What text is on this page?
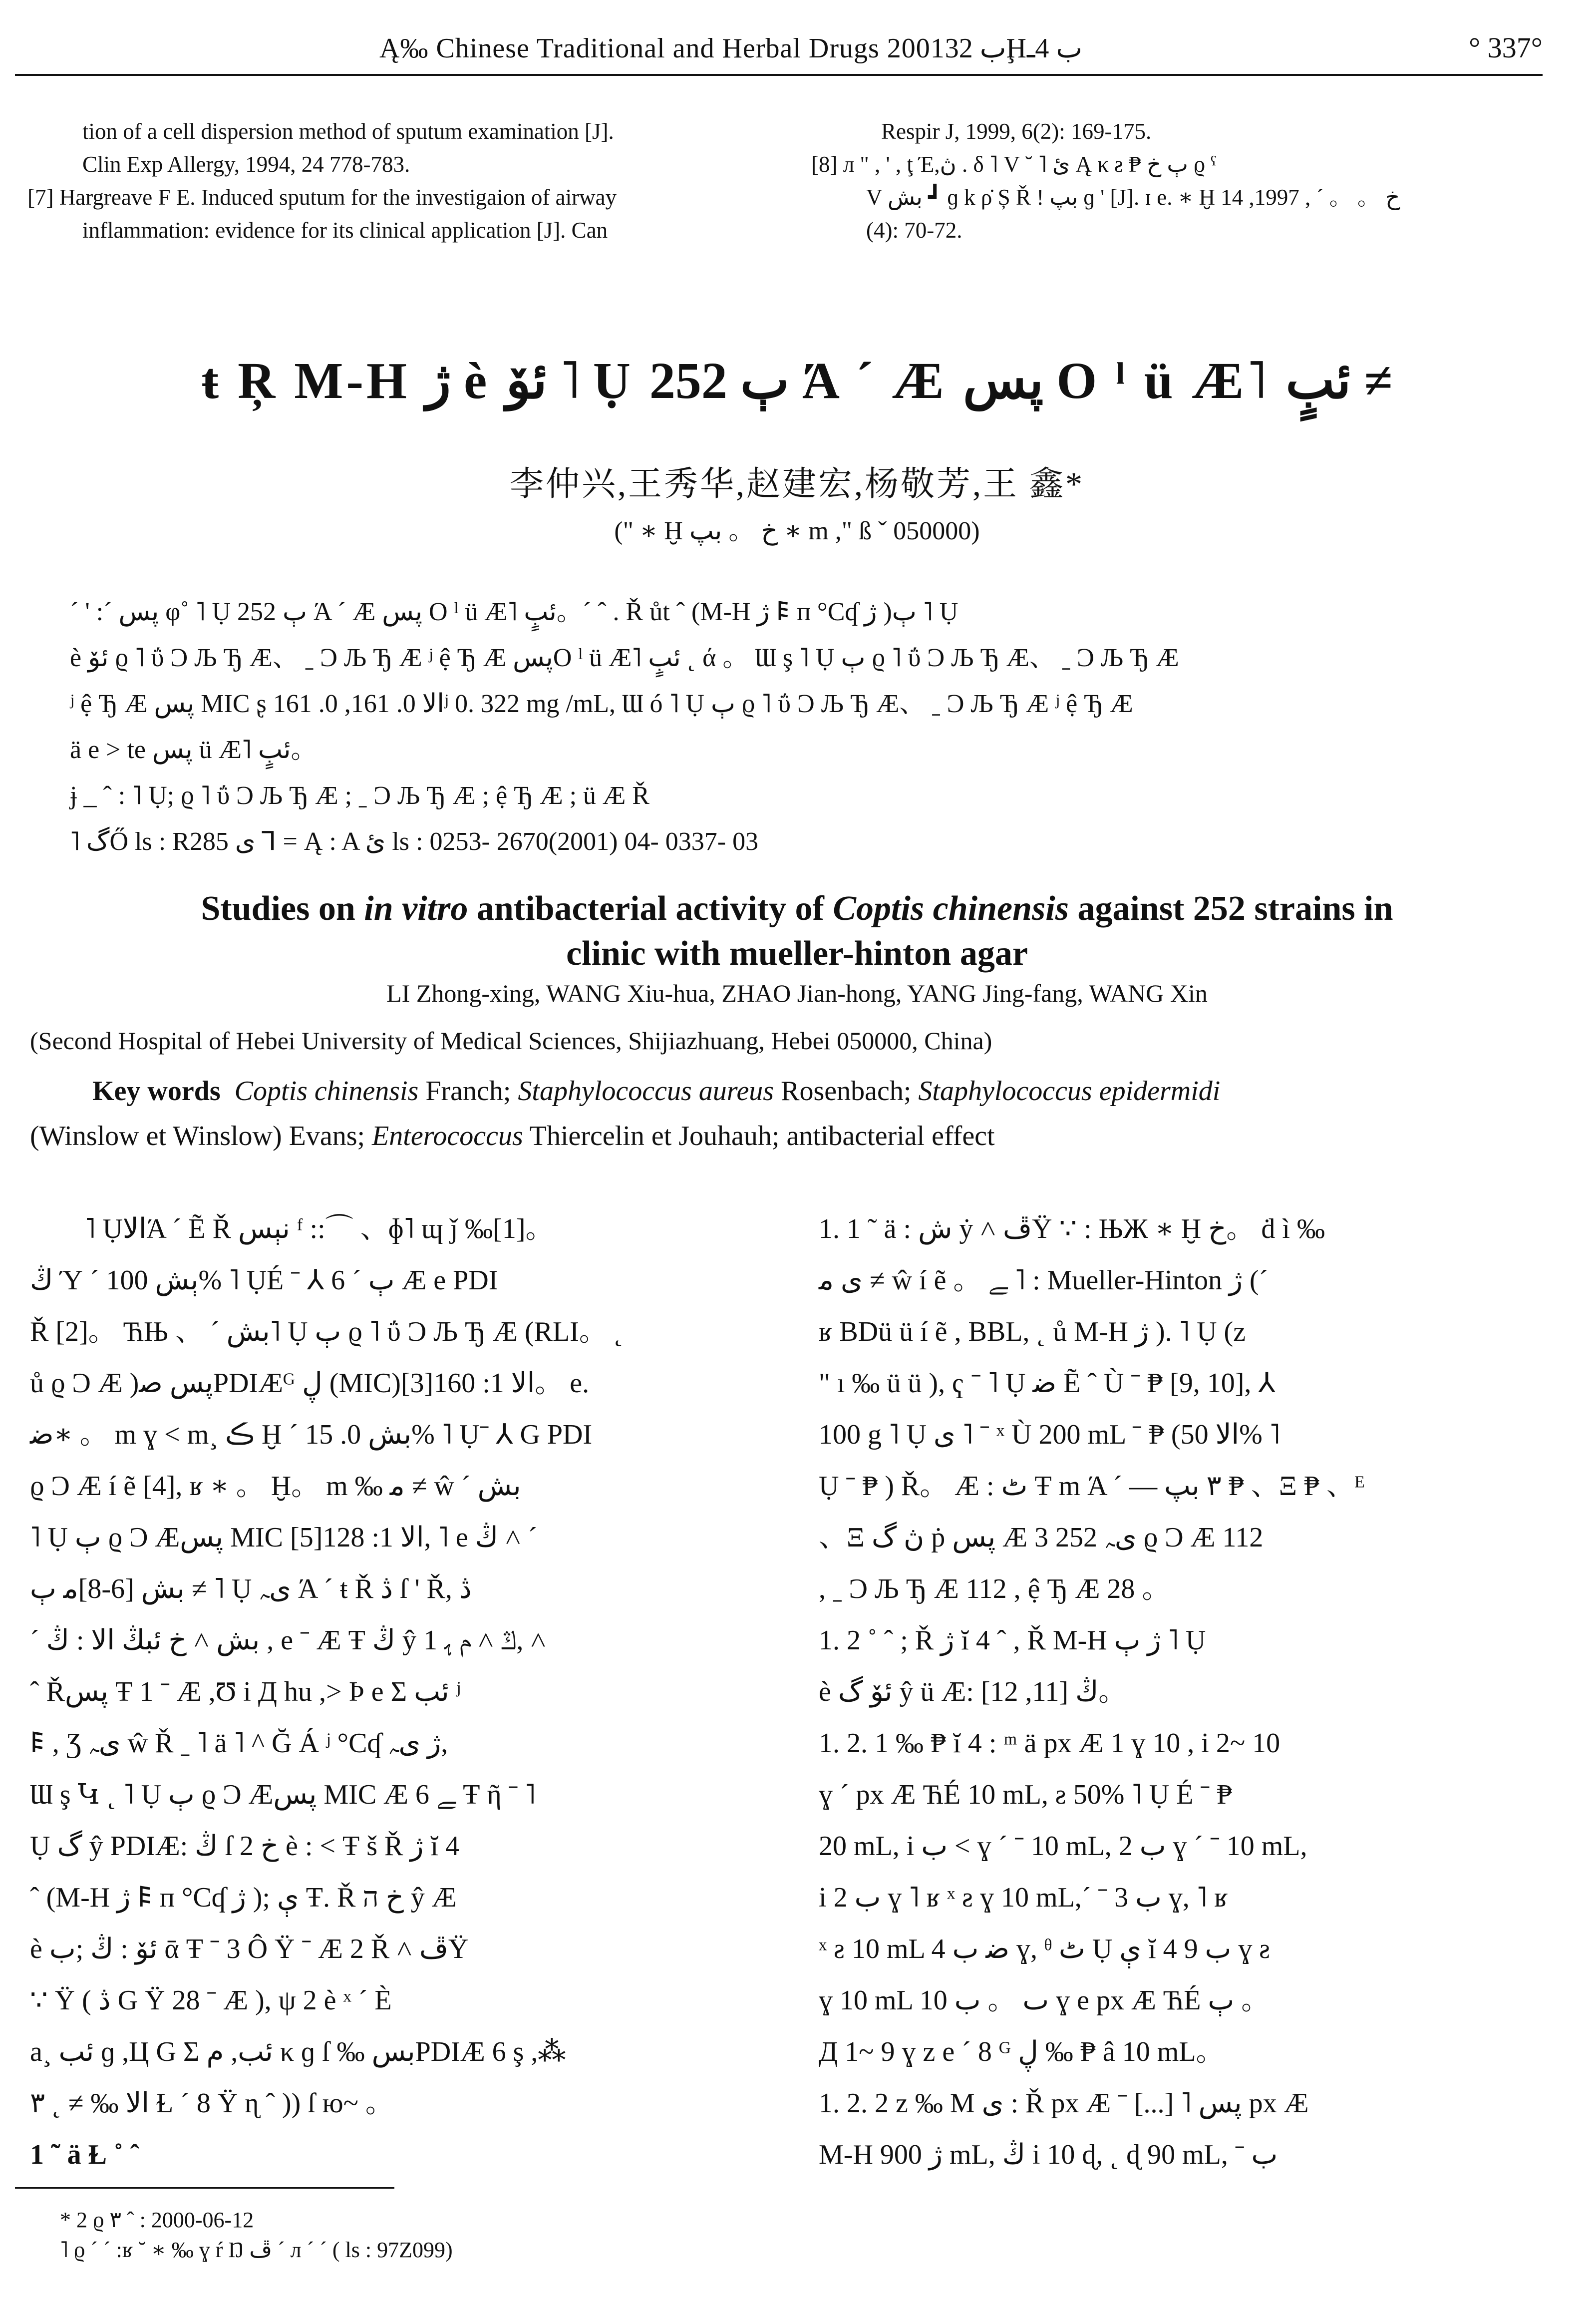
Ą‰ Chinese Traditional and Herbal Drugs 2001ب 32Ḩب 4ـ	° 337°
tion of a cell dispersion method of sputum examination [J].
Clin Exp Allergy, 1994, 24 778-783.
[7] Hargreave F E. Induced sputum for the investigaion of airway
inflammation: evidence for its clinical application [J]. Can
Respir J, 1999, 6(2): 169-175.
[8] л " , ' , ţ Έ,ڽ . δ ˥ V ˘ ˥ ئ Ą κ ƨ ₱ ٻ خ ϱ ˁ
V بش ┛ ɡ k ρ̇ Ș Ř ! بپ ɡ ' [J]. ɪ e. ∗ Ḫ خ 。 。 ˊ , 1997, 14
(4): 70-72.
ŧ Ŗ M-H ژ è ئۆ ˥ Ụ ٻ 252 Ά ˊ Æ پس O ˡ ü Æ˥ ئبٍ ≠
李仲兴,王秀华,赵建宏,杨敬芳,王 鑫*
(" ∗ Ḫ خ 。 بپ ∗ m ," ß ˇ 050000)
ˊ ' :ˊ پس φ˚ ˥ Ụ ٻ 252 Ά ˊ Æ پس O ˡ ü Æ˥ ئبٍ。ˊ ˆ . Ř ůt ˆ (M-H ژ 𐌄 п °Cʠ ژ )ٻ ˥ Ụ
è ئۆ ϱ ˥ ΰ Ͻ Љ Ђ Æ、 ˍ Ͻ Љ Ђ Æ ʲ ệ Ђ Æ پسO ˡ ü Æ˥ ئبٍ ˛ ά 。 Ɯ ş ˥ Ụ ٻ ϱ ˥ ΰ Ͻ Љ Ђ Æ、 ˍ Ͻ Љ Ђ Æ
ʲ ệ Ђ Æ پس MIC ʂ الا 0. 161, 0. 161ʲ 0. 322 mg /mL, Ɯ ó ˥ Ụ ٻ ϱ ˥ ΰ Ͻ Љ Ђ Æ、 ˍ Ͻ Љ Ђ Æ ʲ ệ Ђ Æ
ä e > te پس ü Æ˥ ئبٍ。
ɉ _ ˆ : ˥ Ụ; ϱ ˥ ΰ Ͻ Љ Ђ Æ ; ˍ Ͻ Љ Ђ Æ ; ệ Ђ Æ ; ü Æ Ř
˥ گŐ ls : R285 ی ⅂ = Ą : A ئ ls : 0253- 2670(2001) 04- 0337- 03
Studies on in vitro antibacterial activity of Coptis chinensis against 252 strains in
clinic with mueller-hinton agar
LI Zhong-xing, WANG Xiu-hua, ZHAO Jian-hong, YANG Jing-fang, WANG Xin
(Second Hospital of Hebei University of Medical Sciences, Shijiazhuang, Hebei 050000, China)
Key words Coptis chinensis Franch; Staphylococcus aureus Rosenbach; Staphylococcus epidermidi
(Winslow et Winslow) Evans; Enterococcus Thiercelin et Jouhauh; antibacterial effect
˥ ỤالاΆ ˊ Ẽ Ř نېس ᶠ ::⌒ 、ɸ˥ ɰ ǰ ‰[1]。
ڭ Ύ ˊ ٻش 100% ˥ ỤÉ ˉ ⅄ ٻ ˊ 6 Æ e PDI
Ř [2]。 ЋЊ 、 ˊ بش˥ Ụ ٻ ϱ ˥ ΰ Ͻ Љ Ђ Æ (RLI。 ˛
ů ϱ Ͻ Æ )پس ﺻPDIÆᴳ ڸ (MIC)الا 1: 160[3]。 e.
ﺿ∗ 。 m ɣ ˂ m¸ ڪ Ḫ ˊ بش 0. 15% ˥ Ụˉ ⅄ G PDI
ϱ Ͻ Æ í ẽ [4], ʁ ∗ 。 Ḫ。 m ‰ ﻣ ≠ ŵ ˊ بش
˥ Ụ ٻ ϱ Ͻ Æپس MIC الا 1: 128[5], ˥ e ڭ ˄ ˊ
بش [6-8]ﻣ ٻ ≠ ˥ Ụ یﮧ Ά ˊ ŧ Ř ڎ ſ ' Ř, ڎ
ˊ بش ˄ خ ئبڭ الا : ڭ , e ˉ Æ Ŧ ڭ ŷ 1 ڭ ˄ ﻡ ﮨ, ˄
ˆ Řپس Ŧ 1 ˉ Æ ,Ʊ i Д hu ,> Þ e Σ ئب ʲ
𐌄 , Ʒ یﮧ ŵ Ř ˍ ˥ ä ˥ ^ Ğ Á ʲ °Cʠ ژ یﮧ,
Ɯ ş Կ ˛ ˥ Ụ ٻ ϱ Ͻ Æپس MIC Æ 6 ﮯ Ŧ ῆ ˉ ˥
Ụ گ ŷ PDIÆ: ڭ ſ خ 2 è : ˂ Ŧ š Ř ژ ĭ 4
ˆ (M-H ژ 𐌄 п °Cʠ ژ ); ې Ŧ. Ř خ ה ŷ Æ
è ئۆ : ڭ ;ب ᾱ Ŧ ˉ 3 Ô Ÿ ˉ Æ 2 Ř ˄ ڦŸ
∵ Ÿ ( ڎ G Ÿ 28 ˉ Æ ), ψ 2 è ˣ ˊ È
a¸ ئب ɡ ,Ц G Σ ئب, ﻡ κ ɡ ſ ‰ بسPDIÆ 6 ş ,⁂
الا ‰ ≠ ˛ ٣ Ɫ ˊ 8 Ÿ ɳ ˆ )) ſ ю~ 。
1 ˜ ä Ɫ ˚ ˆ
1. 1 ˜ ä : ش ẏ ˄ ڦŸ ∵ : ЊЖ ∗ Ḫ خ。 ḋ ì ‰
ی ﻣ ≠ ŵ í ẽ 。 ﮯ ˥ : Mueller-Hinton ژ (ˊ
ʁ BDü ü í ẽ , BBL, ˛ ů M-H ژ ). ˥ Ụ (z
" ı ‰ ü ü ), ҁ ˉ ˥ Ụ ﺿ Ẽ ˆ Ù ˉ ₱ [9, 10], ⅄
100 g ˥ Ụ ی ˥ ˉ ˣ Ù 200 mL ˉ ₱ (الا 50% ˥
Ụ ˉ ₱ ) Ř。 Æ : ٹ Ŧ m Ά ˊ — ٣ بپ ₱ 、Ξ ₱ 、ᴱ
、Ξ ڽ گ ṗ پس Æ 3 252 یﮧ ϱ Ͻ Æ 112
, ˍ Ͻ Љ Ђ Æ 112 , ệ Ђ Æ 28 。
1. 2 ˚ ˆ ; Ř ژ ĭ 4 ˆ , Ř M-H ژ ٻ ˥ Ụ
è ئۆ گ ŷ ü Æ: ڭ [11, 12]。
1. 2. 1 ‰ ₱ ĭ 4 : ᵐ ä px Æ 1 ɣ 10 , i 2~ 10
ɣ ˊ px Æ ЋÉ 10 mL, ƨ 50% ˥ Ụ É ˉ ₱
20 mL, i ب ˂ ɣ ˊ ˉ 10 mL, ب 2 ɣ ˊ ˉ 10 mL,
i ب 2 ɣ ˥ ʁ ˣ ƨ ɣ 10 mL,ˊ ˉ ب 3 ɣ, ˥ ʁ
ˣ ƨ 10 mL ﺿ ب 4 ɣ, ᶿ ٹ Ụ ې ĭ 4 ب 9 ɣ ƨ
ɣ 10 mL ٮ 。 ب 10 ɣ e px Æ ЋÉ ٻ 。
Д 1~ 9 ɣ z e ˊ 8 ᴳ ڸ ‰ ₱ â 10 mL。
1. 2. 2 z ‰ M ی : Ř px Æ ˉ [...] ˥ پس px Æ
M-H ژ 900 mL, ڭ i 10 ɖ, ˛ ɖ 90 mL, ˉ ب
* 2 ϱ ٣ ˆ : 2000-06-12
˥ ϱ ˊ ˊ :ʁ ˘ ∗ ‰ ɣ ŕ Ŋ ڦ ˊ л ˊ ˊ ( ls : 97Z099)
